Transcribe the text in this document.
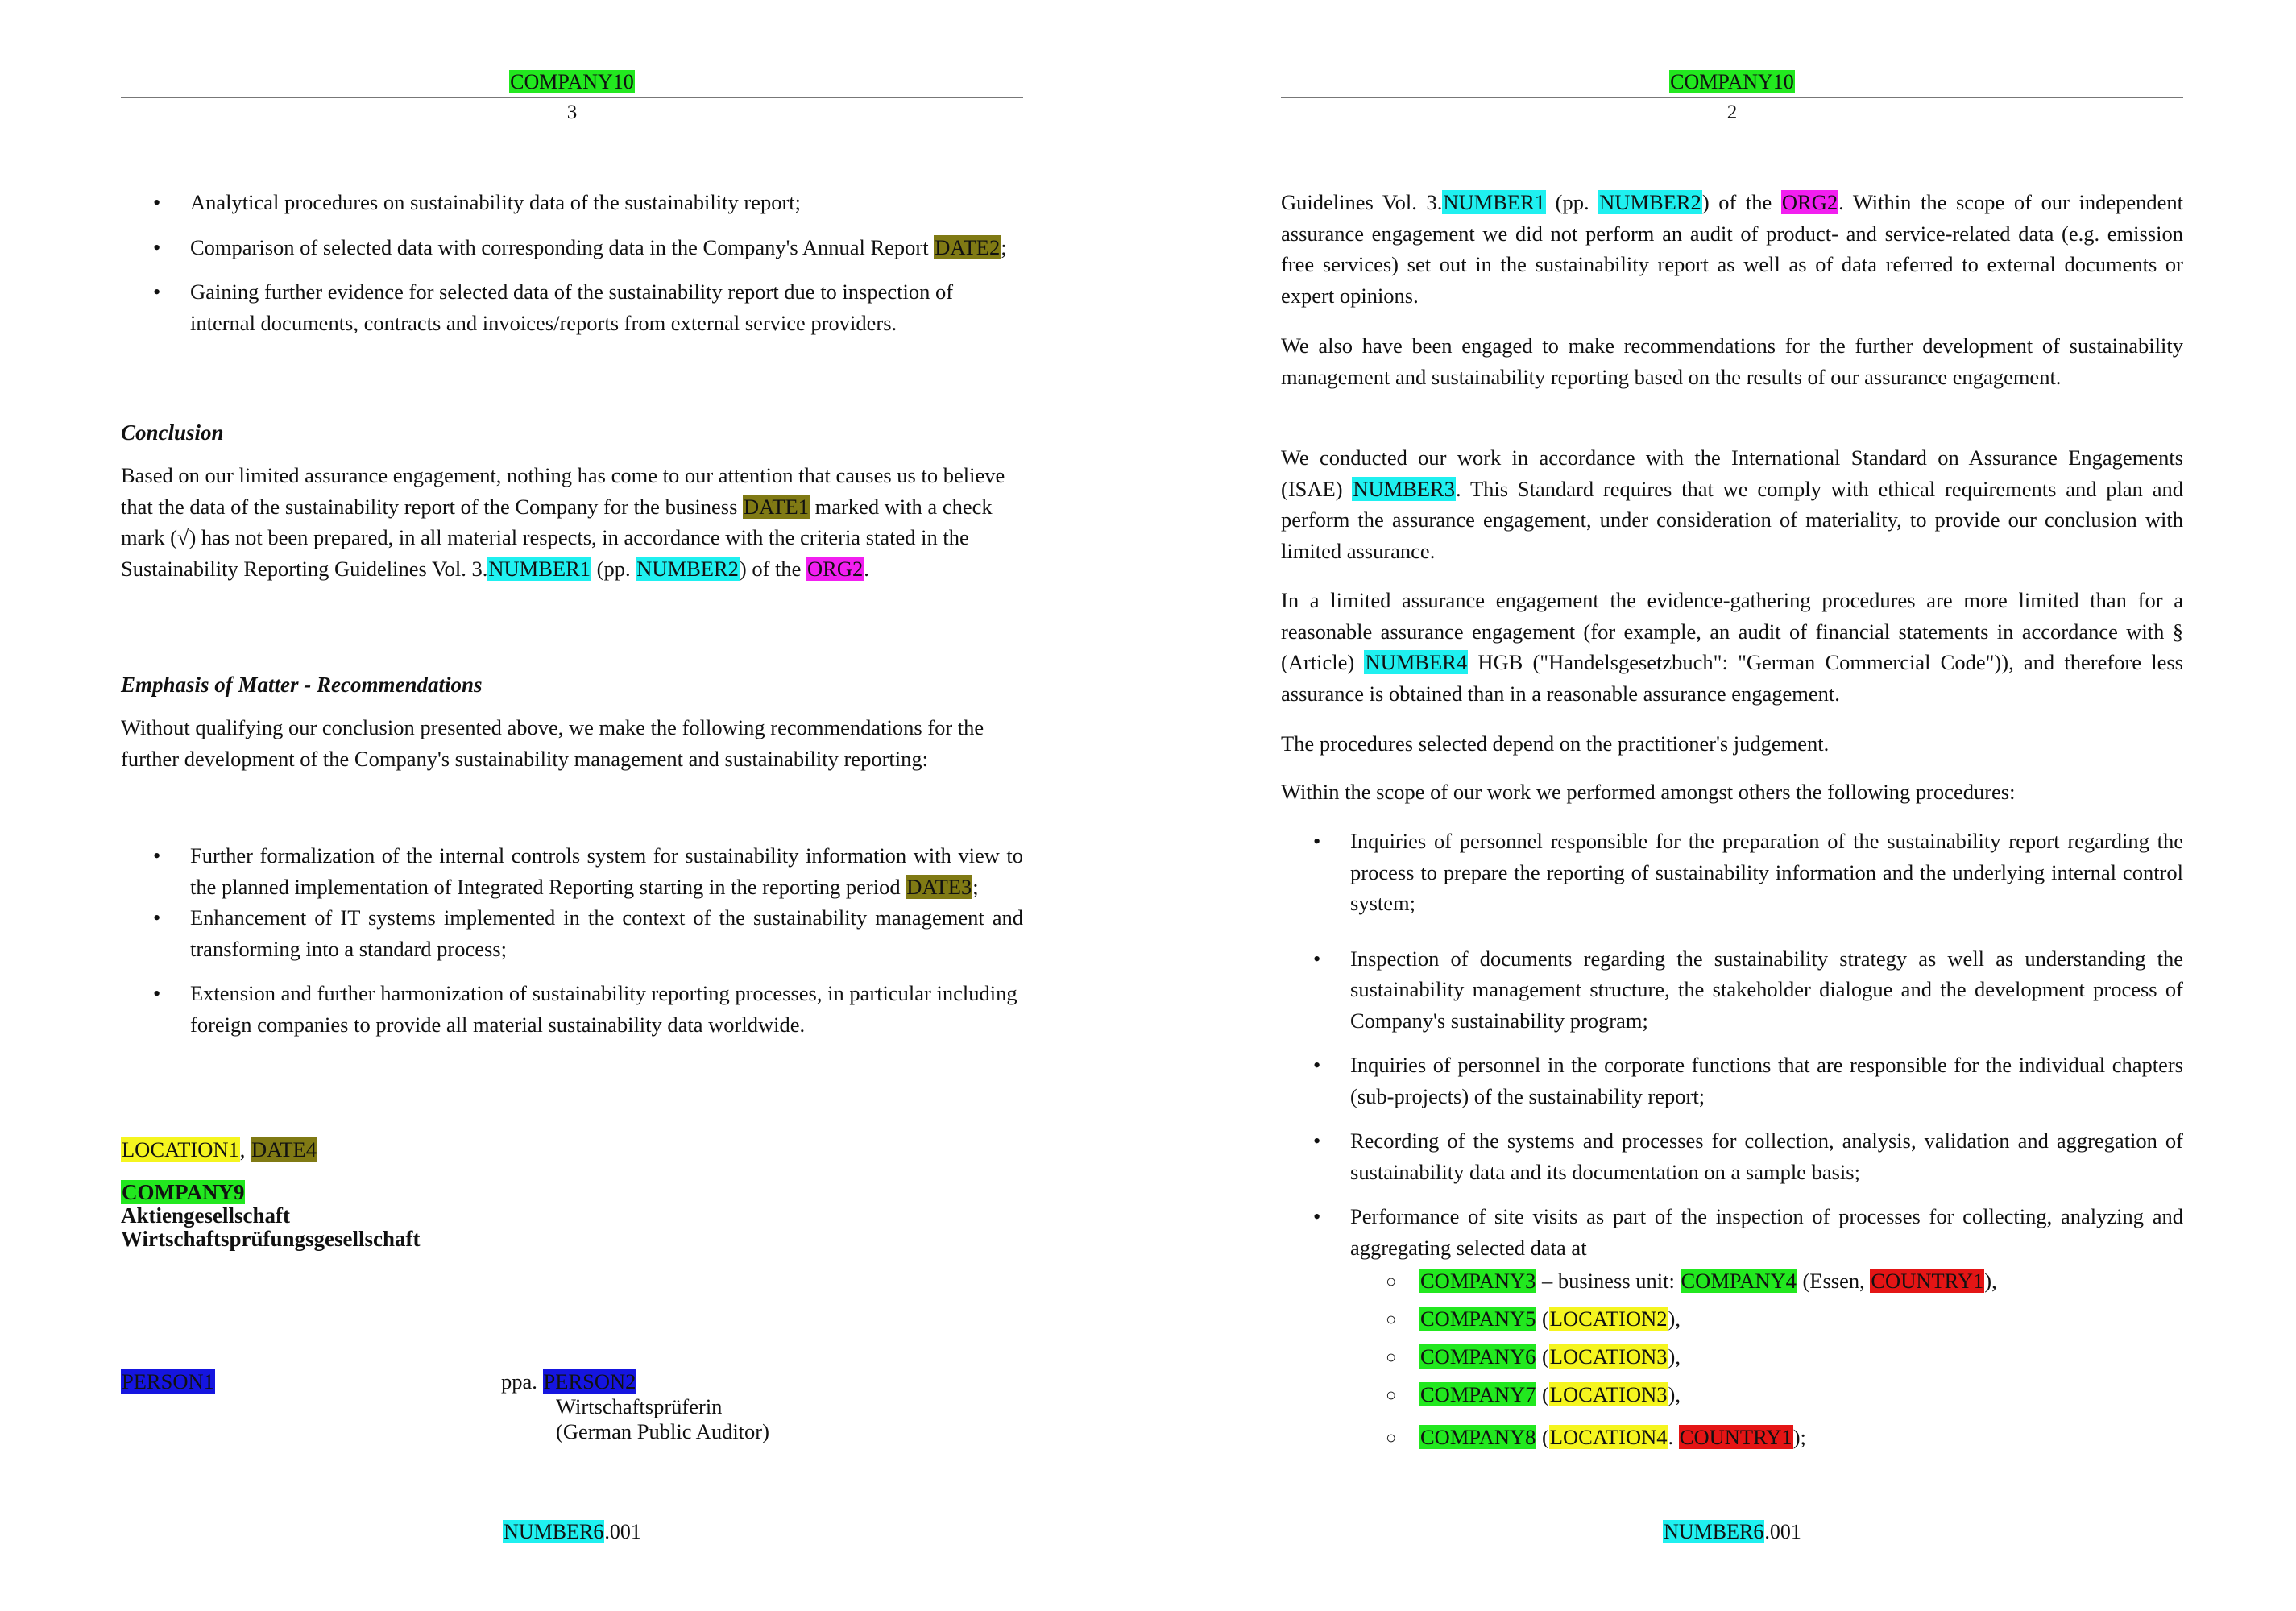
COMPANY10
3
• Analytical procedures on sustainability data of the sustainability report;
• Comparison of selected data with corresponding data in the Company's Annual Report DATE2;
• Gaining further evidence for selected data of the sustainability report due to inspection of internal documents, contracts and invoices/reports from external service providers.
Conclusion

Based on our limited assurance engagement, nothing has come to our attention that causes us to believe that the data of the sustainability report of the Company for the business DATE1 marked with a check mark (√) has not been prepared, in all material respects, in accordance with the criteria stated in the Sustainability Reporting Guidelines Vol. 3.NUMBER1 (pp. NUMBER2) of the ORG2.

Emphasis of Matter - Recommendations
Without qualifying our conclusion presented above, we make the following recommendations for the further development of the Company's sustainability management and sustainability reporting:
• Further formalization of the internal controls system for sustainability information with view to the planned implementation of Integrated Reporting starting in the reporting period DATE3;
• Enhancement of IT systems implemented in the context of the sustainability management and transforming into a standard process;
• Extension and further harmonization of sustainability reporting processes, in particular including foreign companies to provide all material sustainability data worldwide.
LOCATION1, DATE4
COMPANY9
Aktiengesellschaft
Wirtschaftsprüfungsgesellschaft
PERSON1	ppa. PERSON2
Wirtschaftsprüferin
(German Public Auditor)
NUMBER6.001
COMPANY10
2

Guidelines Vol. 3.NUMBER1 (pp. NUMBER2) of the ORG2. Within the scope of our independent assurance engagement we did not perform an audit of product- and service-related data (e.g. emission free services) set out in the sustainability report as well as of data referred to external documents or expert opinions.

We also have been engaged to make recommendations for the further development of sustainability management and sustainability reporting based on the results of our assurance engagement.

We conducted our work in accordance with the International Standard on Assurance Engagements (ISAE) NUMBER3. This Standard requires that we comply with ethical requirements and plan and perform the assurance engagement, under consideration of materiality, to provide our conclusion with limited assurance.

In a limited assurance engagement the evidence-gathering procedures are more limited than for a reasonable assurance engagement (for example, an audit of financial statements in accordance with § (Article) NUMBER4 HGB ("Handelsgesetzbuch": "German Commercial Code")), and therefore less assurance is obtained than in a reasonable assurance engagement.

The procedures selected depend on the practitioner's judgement.
Within the scope of our work we performed amongst others the following procedures:
• Inquiries of personnel responsible for the preparation of the sustainability report regarding the process to prepare the reporting of sustainability information and the underlying internal control system;
• Inspection of documents regarding the sustainability strategy as well as understanding the sustainability management structure, the stakeholder dialogue and the development process of Company's sustainability program;
• Inquiries of personnel in the corporate functions that are responsible for the individual chapters (sub-projects) of the sustainability report;
• Recording of the systems and processes for collection, analysis, validation and aggregation of sustainability data and its documentation on a sample basis;
• Performance of site visits as part of the inspection of processes for collecting, analyzing and aggregating selected data at
○ COMPANY3 – business unit: COMPANY4 (Essen, COUNTRY1),
○ COMPANY5 (LOCATION2),
○ COMPANY6 (LOCATION3),
○ COMPANY7 (LOCATION3),
○ COMPANY8 (LOCATION4. COUNTRY1);
NUMBER6.001
